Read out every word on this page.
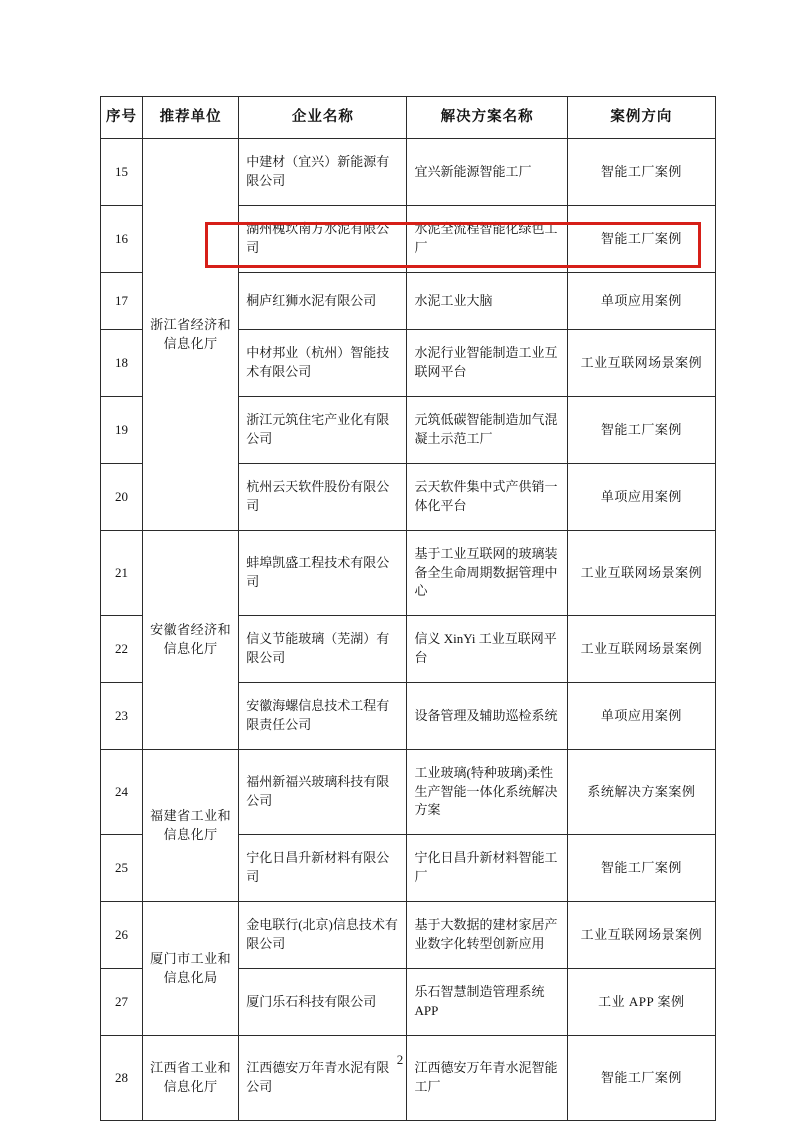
序号	推荐单位	企业名称	解决方案名称	案例方向
15	浙江省经济和信息化厅	中建材（宜兴）新能源有限公司	宜兴新能源智能工厂	智能工厂案例
16		湖州槐坎南方水泥有限公司	水泥全流程智能化绿色工厂	智能工厂案例
17		桐庐红狮水泥有限公司	水泥工业大脑	单项应用案例
18		中材邦业（杭州）智能技术有限公司	水泥行业智能制造工业互联网平台	工业互联网场景案例
19		浙江元筑住宅产业化有限公司	元筑低碳智能制造加气混凝土示范工厂	智能工厂案例
20		杭州云天软件股份有限公司	云天软件集中式产供销一体化平台	单项应用案例
21	安徽省经济和信息化厅	蚌埠凯盛工程技术有限公司	基于工业互联网的玻璃装备全生命周期数据管理中心	工业互联网场景案例
22		信义节能玻璃（芜湖）有限公司	信义 XinYi 工业互联网平台	工业互联网场景案例
23		安徽海螺信息技术工程有限责任公司	设备管理及辅助巡检系统	单项应用案例
24	福建省工业和信息化厅	福州新福兴玻璃科技有限公司	工业玻璃(特种玻璃)柔性生产智能一体化系统解决方案	系统解决方案案例
25		宁化日昌升新材料有限公司	宁化日昌升新材料智能工厂	智能工厂案例
26	厦门市工业和信息化局	金电联行(北京)信息技术有限公司	基于大数据的建材家居产业数字化转型创新应用	工业互联网场景案例
27		厦门乐石科技有限公司	乐石智慧制造管理系统APP	工业 APP 案例
28	江西省工业和信息化厅	江西德安万年青水泥有限公司	江西德安万年青水泥智能工厂	智能工厂案例
2
